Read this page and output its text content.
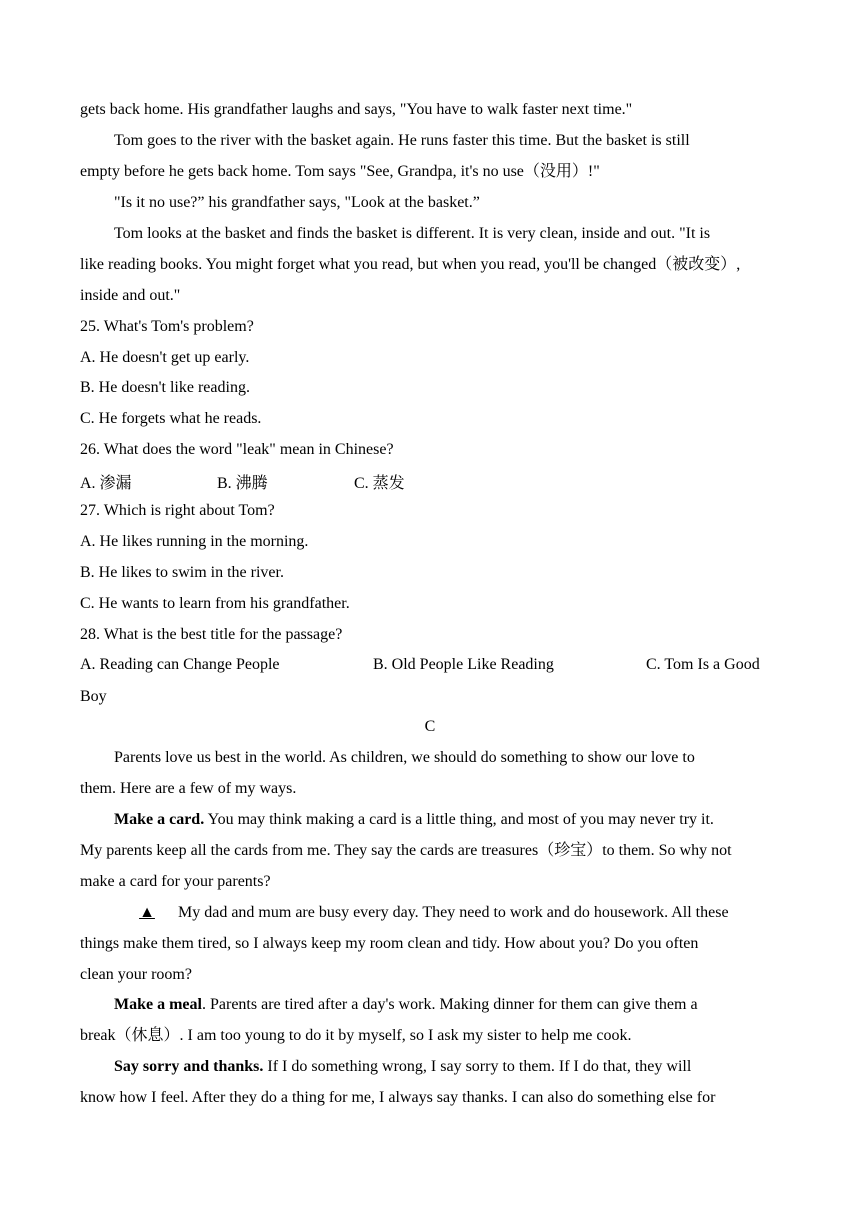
gets back home. His grandfather laughs and says, "You have to walk faster next time."
Tom goes to the river with the basket again. He runs faster this time. But the basket is still
empty before he gets back home. Tom says "See, Grandpa, it's no use（没用）!"
"Is it no use?” his grandfather says, "Look at the basket.”
Tom looks at the basket and finds the basket is different. It is very clean, inside and out. "It is
like reading books. You might forget what you read, but when you read, you'll be changed（被改变）,
inside and out."
25. What's Tom's problem?
A. He doesn't get up early.
B. He doesn't like reading.
C. He forgets what he reads.
26. What does the word "leak" mean in Chinese?
A. 渗漏	B. 沸腾	C. 蒸发
27. Which is right about Tom?
A. He likes running in the morning.
B. He likes to swim in the river.
C. He wants to learn from his grandfather.
28. What is the best title for the passage?
A. Reading can Change People	B. Old People Like Reading	C. Tom Is a Good
Boy
C
Parents love us best in the world. As children, we should do something to show our love to
them. Here are a few of my ways.
Make a card. You may think making a card is a little thing, and most of you may never try it.
My parents keep all the cards from me. They say the cards are treasures（珍宝）to them. So why not
make a card for your parents?
▲ My dad and mum are busy every day. They need to work and do housework. All these
things make them tired, so I always keep my room clean and tidy. How about you? Do you often
clean your room?
Make a meal. Parents are tired after a day's work. Making dinner for them can give them a
break（休息）. I am too young to do it by myself, so I ask my sister to help me cook.
Say sorry and thanks. If I do something wrong, I say sorry to them. If I do that, they will
know how I feel. After they do a thing for me, I always say thanks. I can also do something else for
